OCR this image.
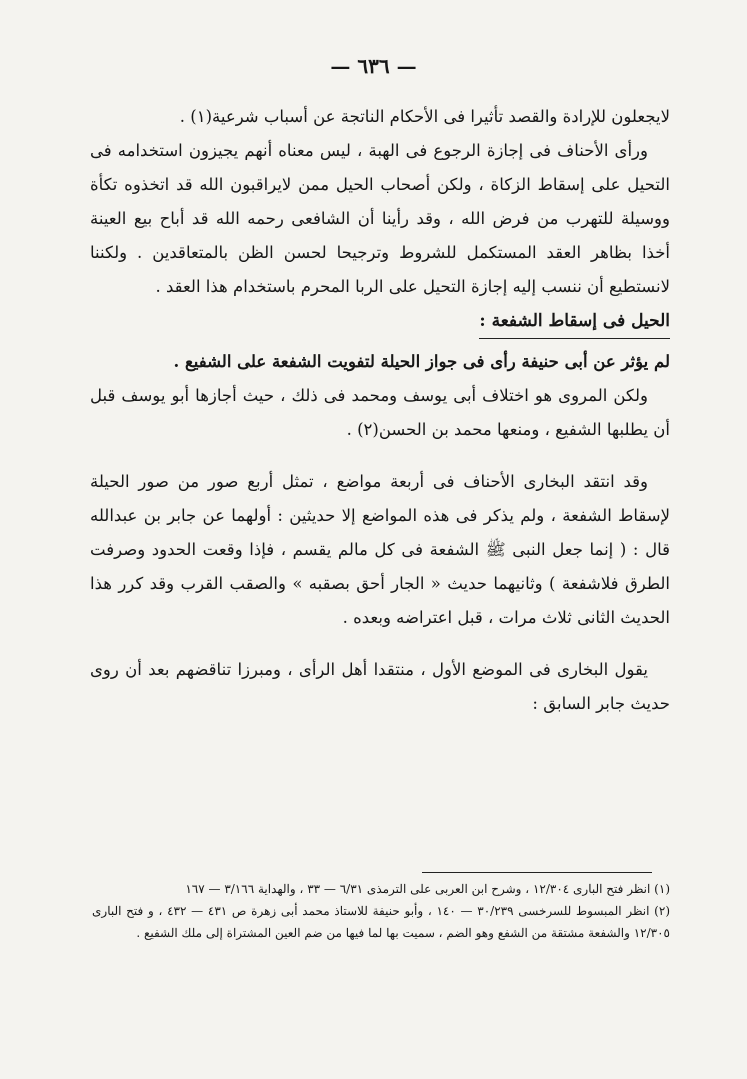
— ٦٣٦ —

لايجعلون للإرادة والقصد تأثيرا فى الأحكام الناتجة عن أسباب شرعية(١) .

ورأى الأحناف فى إجازة الرجوع فى الهبة ، ليس معناه أنهم يجيزون استخدامه فى التحيل على إسقاط الزكاة ، ولكن أصحاب الحيل ممن لايراقبون الله قد اتخذوه تكأة ووسيلة للتهرب من فرض الله ، وقد رأينا أن الشافعى رحمه الله قد أباح بيع العينة أخذا بظاهر العقد المستكمل للشروط وترجيحا لحسن الظن بالمتعاقدين . ولكننا لانستطيع أن ننسب إليه إجازة التحيل على الربا المحرم باستخدام هذا العقد .

الحيل فى إسقاط الشفعة :

لم يؤثر عن أبى حنيفة رأى فى جواز الحيلة لتفويت الشفعة على الشفيع .

ولكن المروى هو اختلاف أبى يوسف ومحمد فى ذلك ، حيث أجازها أبو يوسف قبل أن يطلبها الشفيع ، ومنعها محمد بن الحسن(٢) .

وقد انتقد البخارى الأحناف فى أربعة مواضع ، تمثل أربع صور من صور الحيلة لإسقاط الشفعة ، ولم يذكر فى هذه المواضع إلا حديثين : أولهما عن جابر بن عبدالله قال : ( إنما جعل النبى ﷺ الشفعة فى كل مالم يقسم ، فإذا وقعت الحدود وصرفت الطرق فلاشفعة ) وثانيهما حديث « الجار أحق بصقبه » والصقب القرب وقد كرر هذا الحديث الثانى ثلاث مرات ، قبل اعتراضه وبعده .

يقول البخارى فى الموضع الأول ، منتقدا أهل الرأى ، ومبرزا تناقضهم بعد أن روى حديث جابر السابق :

(١) انظر فتح البارى ١٢/٣٠٤ ، وشرح ابن العربى على الترمذى ٦/٣١ — ٣٣ ، والهداية ٣/١٦٦ — ١٦٧

(٢) انظر المبسوط للسرخسى ٣٠/٢٣٩ — ١٤٠ ، وأبو حنيفة للاستاذ محمد أبى زهرة ص ٤٣١ — ٤٣٢ ، و فتح البارى ١٢/٣٠٥ والشفعة مشتقة من الشفع وهو الضم ، سميت بها لما فيها من ضم العين المشتراة إلى ملك الشفيع .
